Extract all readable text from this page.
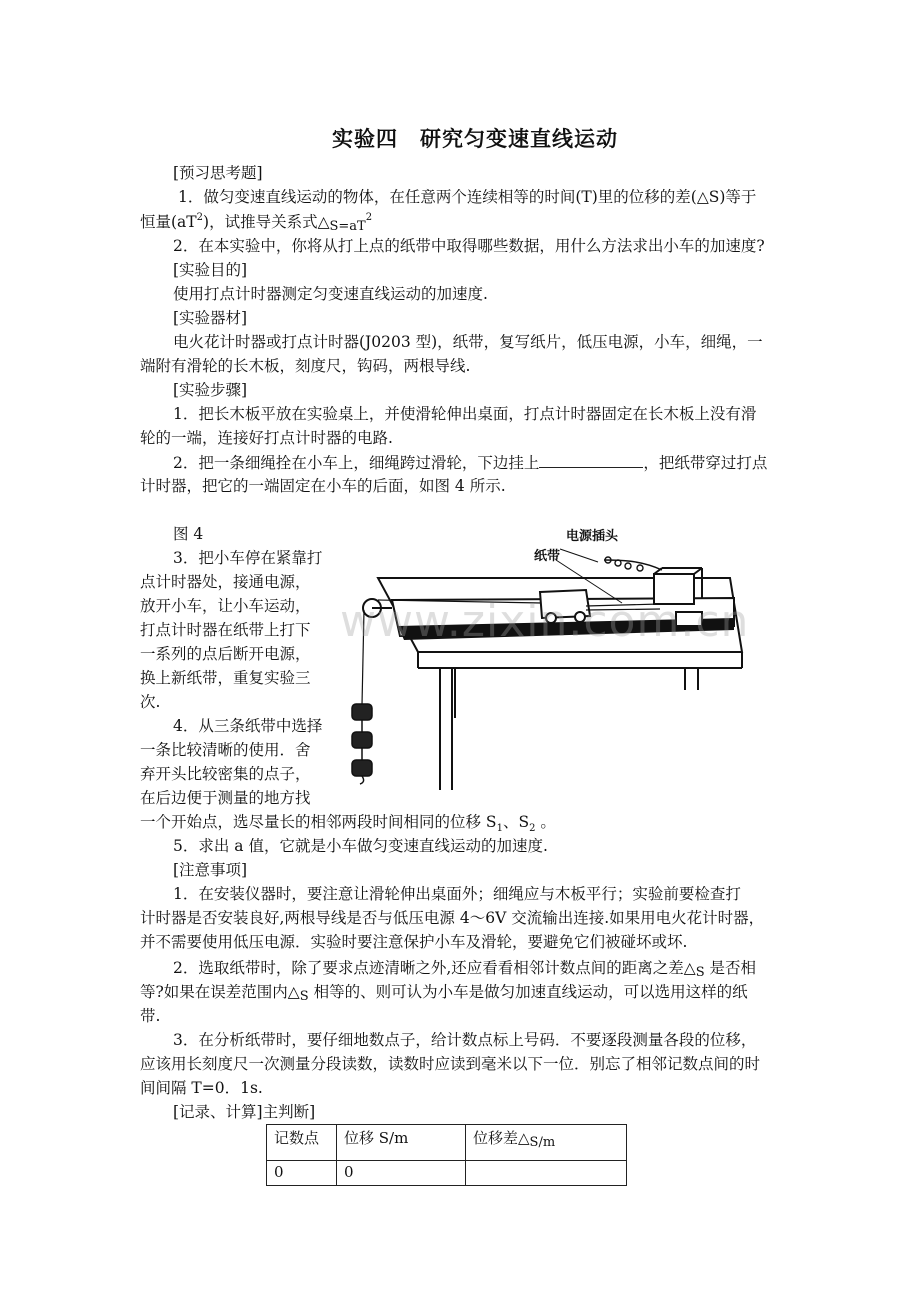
实验四　研究匀变速直线运动
[预习思考题]
1．做匀变速直线运动的物体，在任意两个连续相等的时间(T)里的位移的差(△S)等于
恒量$(aT^2)$，试推导关系式$\triangle S=aT^2$
2．在本实验中，你将从打上点的纸带中取得哪些数据，用什么方法求出小车的加速度?
[实验目的]
使用打点计时器测定匀变速直线运动的加速度.
[实验器材]
电火花计时器或打点计时器(J0203 型)，纸带，复写纸片，低压电源，小车，细绳，一
端附有滑轮的长木板，刻度尺，钩码，两根导线.
[实验步骤]
1．把长木板平放在实验桌上，并使滑轮伸出桌面，打点计时器固定在长木板上没有滑
轮的一端，连接好打点计时器的电路.
2．把一条细绳拴在小车上，细绳跨过滑轮，下边挂上	，把纸带穿过打点
计时器，把它的一端固定在小车的后面，如图 4 所示.
图 4
3．把小车停在紧靠打
点计时器处，接通电源，
放开小车，让小车运动，
打点计时器在纸带上打下
一系列的点后断开电源，
换上新纸带，重复实验三
次.
4．从三条纸带中选择
一条比较清晰的使用．舍
弃开头比较密集的点子，
在后边便于测量的地方找
一个开始点，选尽量长的相邻两段时间相同的位移 $S_1$、$S_2$ 。
5．求出 a 值，它就是小车做匀变速直线运动的加速度.
电源插头
纸带
www.zixin.com.cn
[注意事项]
1．在安装仪器时，要注意让滑轮伸出桌面外；细绳应与木板平行；实验前要检查打
计时器是否安装良好,两根导线是否与低压电源 4～6V 交流输出连接.如果用电火花计时器，
并不需要使用低压电源．实验时要注意保护小车及滑轮，要避免它们被碰坏或坏.
2．选取纸带时，除了要求点迹清晰之外,还应看看相邻计数点间的距离之差△S 是否相
等?如果在误差范围内△S 相等的、则可认为小车是做匀加速直线运动，可以选用这样的纸
带.
3．在分析纸带时，要仔细地数点子，给计数点标上号码．不要逐段测量各段的位移，
应该用长刻度尺一次测量分段读数，读数时应读到毫米以下一位．别忘了相邻记数点间的时
间间隔 T=0．1s.
[记录、计算]主判断]
记数点	位移 S/m	位移差△S/m
0	0	
